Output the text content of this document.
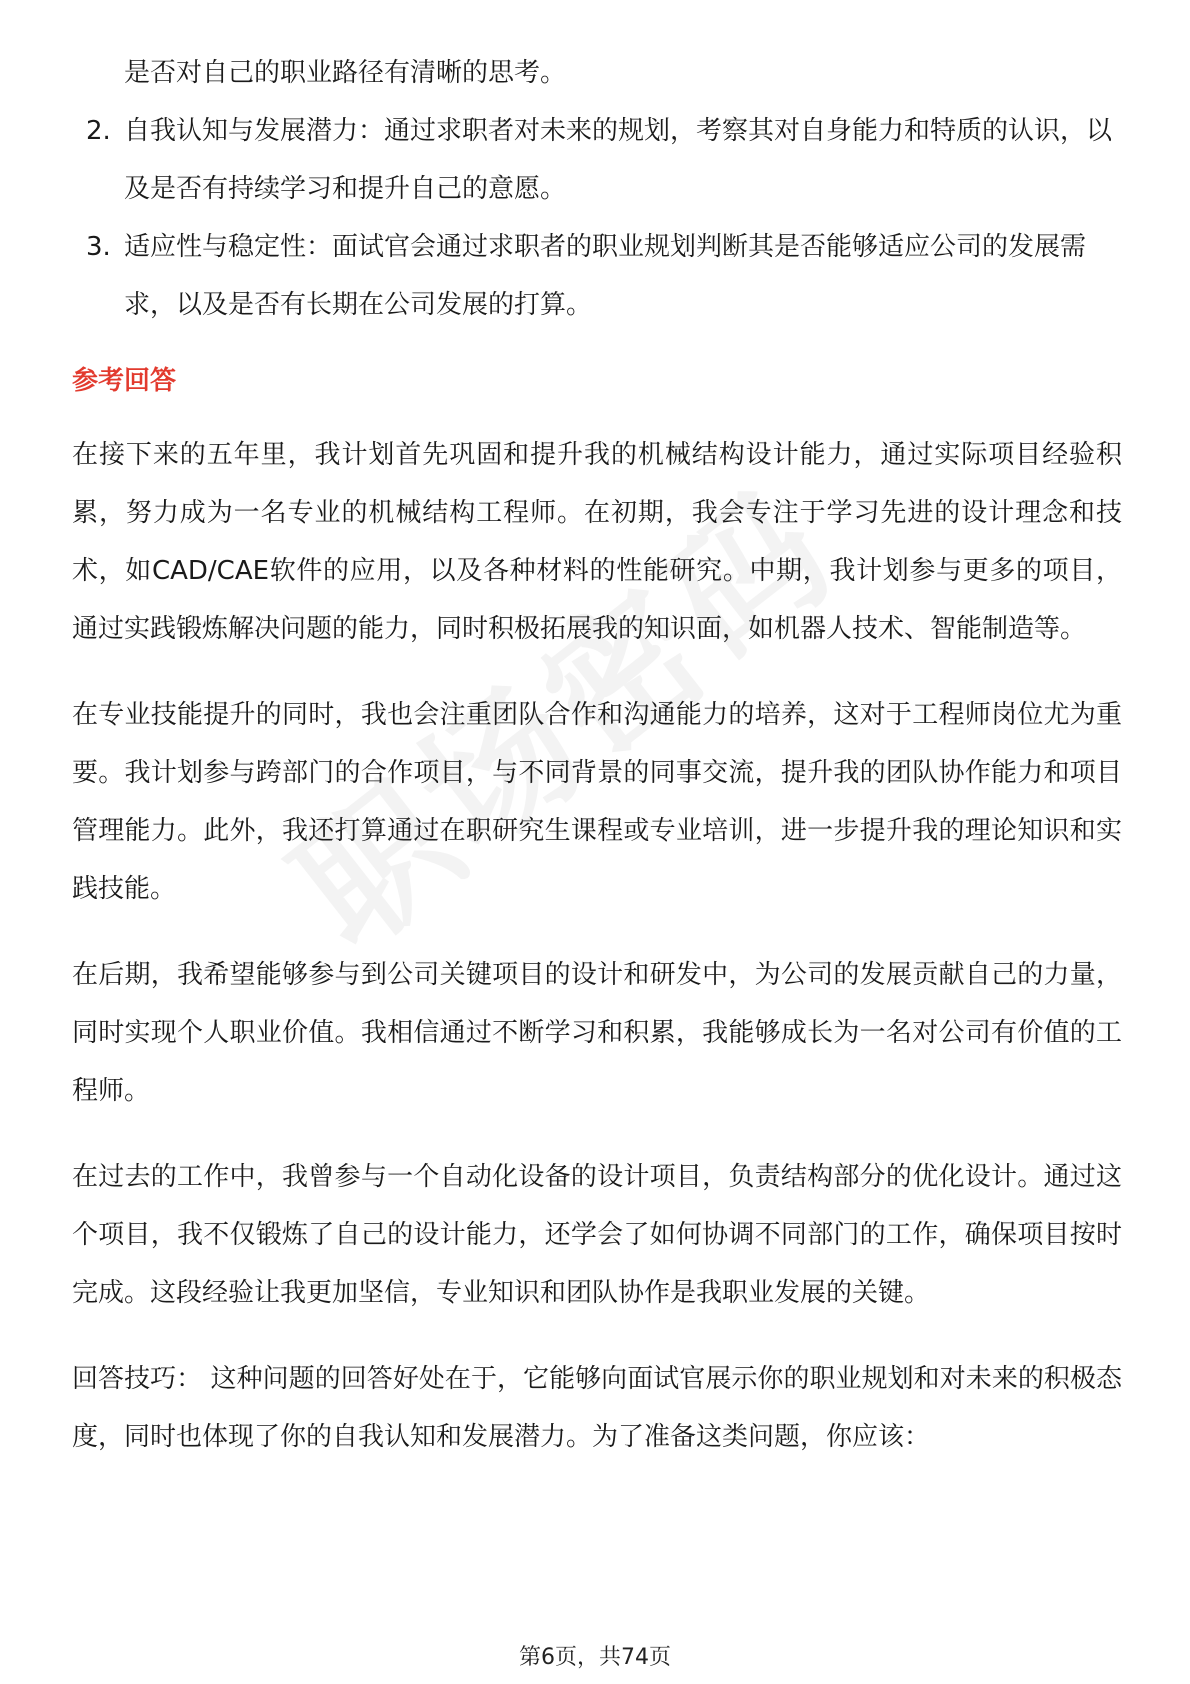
是否对自己的职业路径有清晰的思考。
2. 自我认知与发展潜力：通过求职者对未来的规划，考察其对自身能力和特质的认识，以及是否有持续学习和提升自己的意愿。
3. 适应性与稳定性：面试官会通过求职者的职业规划判断其是否能够适应公司的发展需求，以及是否有长期在公司发展的打算。
参考回答

在接下来的五年里，我计划首先巩固和提升我的机械结构设计能力，通过实际项目经验积累，努力成为一名专业的机械结构工程师。在初期，我会专注于学习先进的设计理念和技术，如CAD/CAE软件的应用，以及各种材料的性能研究。中期，我计划参与更多的项目，通过实践锻炼解决问题的能力，同时积极拓展我的知识面，如机器人技术、智能制造等。

在专业技能提升的同时，我也会注重团队合作和沟通能力的培养，这对于工程师岗位尤为重要。我计划参与跨部门的合作项目，与不同背景的同事交流，提升我的团队协作能力和项目管理能力。此外，我还打算通过在职研究生课程或专业培训，进一步提升我的理论知识和实践技能。

在后期，我希望能够参与到公司关键项目的设计和研发中，为公司的发展贡献自己的力量，同时实现个人职业价值。我相信通过不断学习和积累，我能够成长为一名对公司有价值的工程师。

在过去的工作中，我曾参与一个自动化设备的设计项目，负责结构部分的优化设计。通过这个项目，我不仅锻炼了自己的设计能力，还学会了如何协调不同部门的工作，确保项目按时完成。这段经验让我更加坚信，专业知识和团队协作是我职业发展的关键。

回答技巧： 这种问题的回答好处在于，它能够向面试官展示你的职业规划和对未来的积极态度，同时也体现了你的自我认知和发展潜力。为了准备这类问题，你应该：

第6页，共74页
